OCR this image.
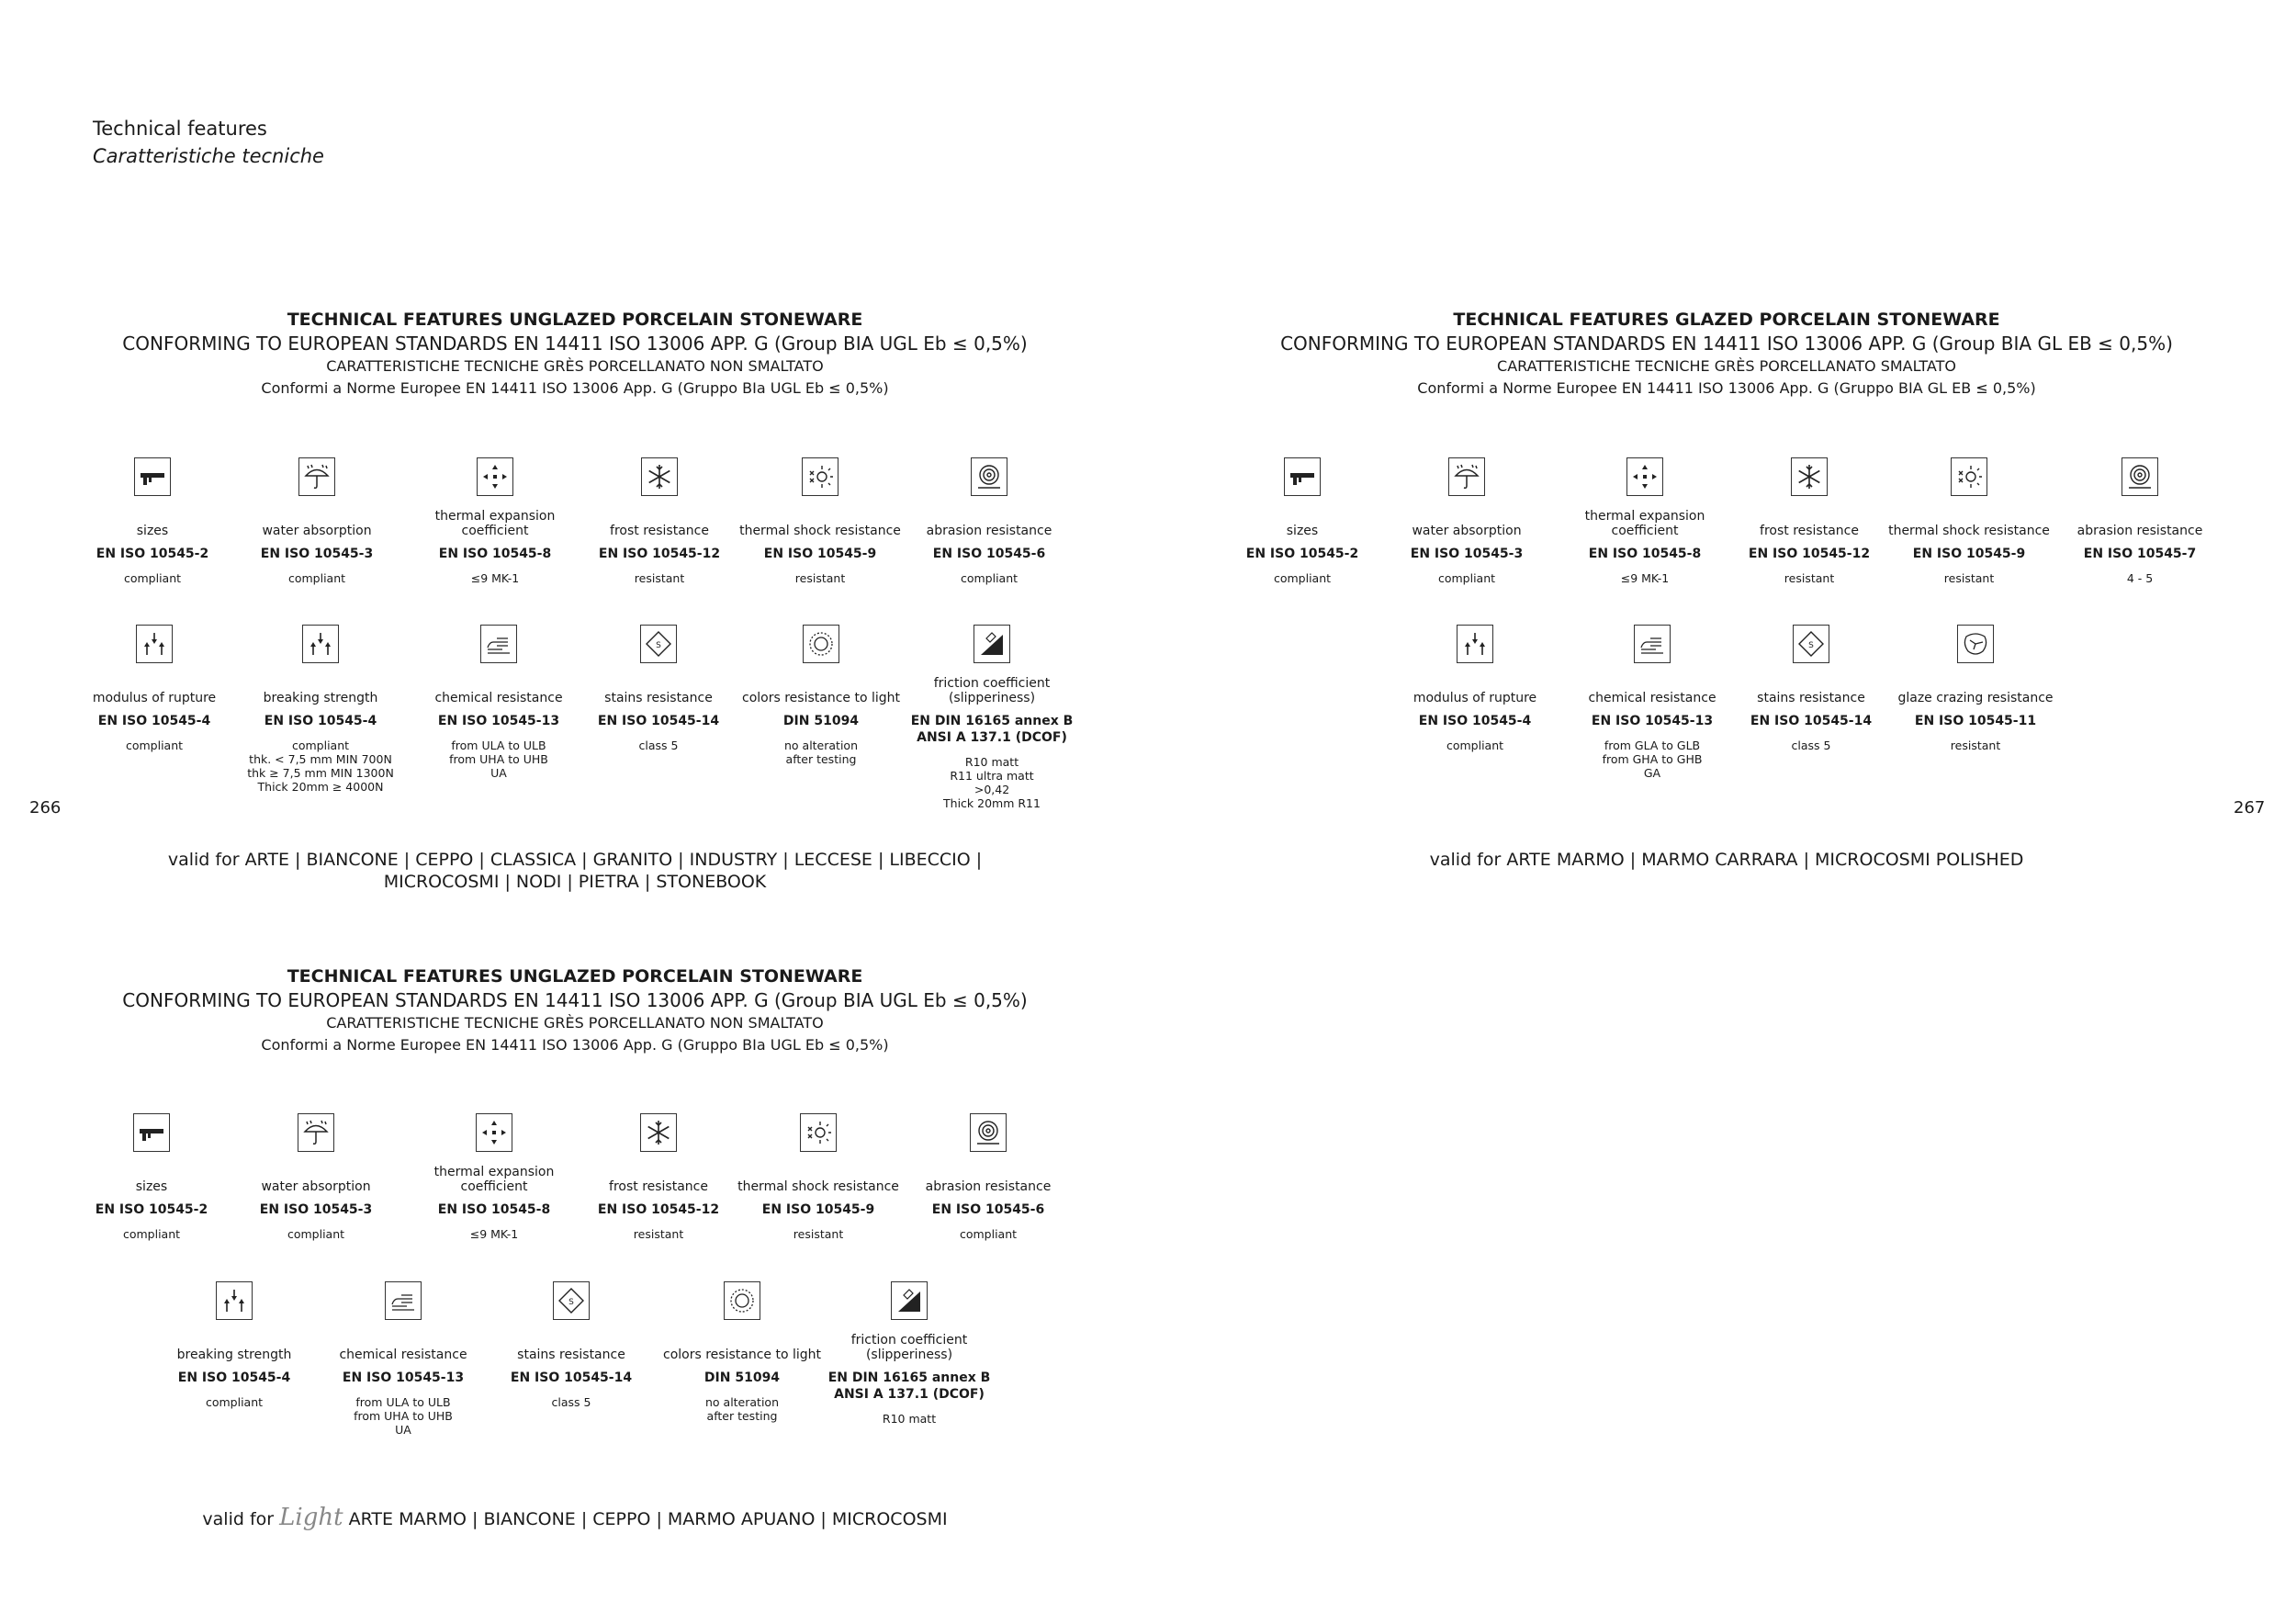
Technical features
Caratteristiche tecniche
266	267
TECHNICAL FEATURES UNGLAZED PORCELAIN STONEWARE
CONFORMING TO EUROPEAN STANDARDS EN 14411 ISO 13006 APP. G (Group BIA UGL Eb ≤ 0,5%)
CARATTERISTICHE TECNICHE GRÈS PORCELLANATO NON SMALTATO
Conformi a Norme Europee EN 14411 ISO 13006 App. G (Gruppo BIa UGL Eb ≤ 0,5%)
sizes
EN ISO 10545-2
compliant
water absorption
EN ISO 10545-3
compliant
thermal expansion coefficient
EN ISO 10545-8
≤9 MK-1
frost resistance
EN ISO 10545-12
resistant
thermal shock resistance
EN ISO 10545-9
resistant
abrasion resistance
EN ISO 10545-6
compliant
modulus of rupture
EN ISO 10545-4
compliant
breaking strength
EN ISO 10545-4
compliant
thk. < 7,5 mm MIN 700N
thk ≥ 7,5 mm MIN 1300N
Thick 20mm ≥ 4000N
chemical resistance
EN ISO 10545-13
from ULA to ULB
from UHA to UHB
UA
S
stains resistance
EN ISO 10545-14
class 5
colors resistance to light
DIN 51094
no alteration
after testing
friction coefficient (slipperiness)
EN DIN 16165 annex B
ANSI A 137.1 (DCOF)
R10 matt
R11 ultra matt
>0,42
Thick 20mm R11
valid for ARTE | BIANCONE | CEPPO | CLASSICA | GRANITO | INDUSTRY | LECCESE | LIBECCIO | MICROCOSMI | NODI | PIETRA | STONEBOOK
TECHNICAL FEATURES GLAZED PORCELAIN STONEWARE
CONFORMING TO EUROPEAN STANDARDS EN 14411 ISO 13006 APP. G (Group BIA GL EB ≤ 0,5%)
CARATTERISTICHE TECNICHE GRÈS PORCELLANATO SMALTATO
Conformi a Norme Europee EN 14411 ISO 13006 App. G (Gruppo BIA GL EB ≤ 0,5%)
sizes
EN ISO 10545-2
compliant
water absorption
EN ISO 10545-3
compliant
thermal expansion coefficient
EN ISO 10545-8
≤9 MK-1
frost resistance
EN ISO 10545-12
resistant
thermal shock resistance
EN ISO 10545-9
resistant
abrasion resistance
EN ISO 10545-7
4 - 5
modulus of rupture
EN ISO 10545-4
compliant
chemical resistance
EN ISO 10545-13
from GLA to GLB
from GHA to GHB
GA
S
stains resistance
EN ISO 10545-14
class 5
glaze crazing resistance
EN ISO 10545-11
resistant
valid for ARTE MARMO | MARMO CARRARA | MICROCOSMI POLISHED
TECHNICAL FEATURES UNGLAZED PORCELAIN STONEWARE
CONFORMING TO EUROPEAN STANDARDS EN 14411 ISO 13006 APP. G (Group BIA UGL Eb ≤ 0,5%)
CARATTERISTICHE TECNICHE GRÈS PORCELLANATO NON SMALTATO
Conformi a Norme Europee EN 14411 ISO 13006 App. G (Gruppo BIa UGL Eb ≤ 0,5%)
sizes
EN ISO 10545-2
compliant
water absorption
EN ISO 10545-3
compliant
thermal expansion coefficient
EN ISO 10545-8
≤9 MK-1
frost resistance
EN ISO 10545-12
resistant
thermal shock resistance
EN ISO 10545-9
resistant
abrasion resistance
EN ISO 10545-6
compliant
breaking strength
EN ISO 10545-4
compliant
chemical resistance
EN ISO 10545-13
from ULA to ULB
from UHA to UHB
UA
S
stains resistance
EN ISO 10545-14
class 5
colors resistance to light
DIN 51094
no alteration
after testing
friction coefficient (slipperiness)
EN DIN 16165 annex B
ANSI A 137.1 (DCOF)
R10 matt
valid for Light ARTE MARMO | BIANCONE | CEPPO | MARMO APUANO | MICROCOSMI
